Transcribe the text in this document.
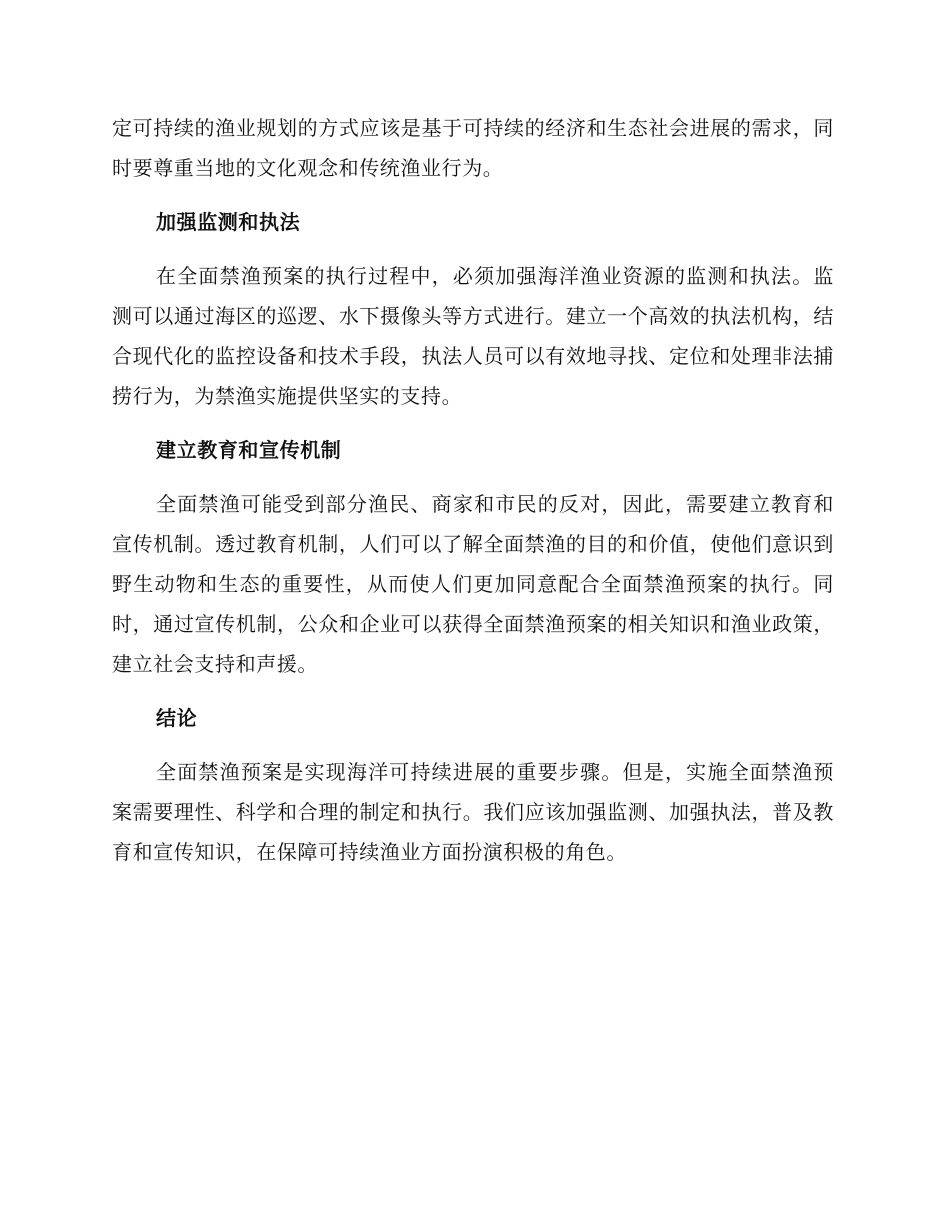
定可持续的渔业规划的方式应该是基于可持续的经济和生态社会进展的需求，同时要尊重当地的文化观念和传统渔业行为。

加强监测和执法

在全面禁渔预案的执行过程中，必须加强海洋渔业资源的监测和执法。监测可以通过海区的巡逻、水下摄像头等方式进行。建立一个高效的执法机构，结合现代化的监控设备和技术手段，执法人员可以有效地寻找、定位和处理非法捕捞行为，为禁渔实施提供坚实的支持。

建立教育和宣传机制

全面禁渔可能受到部分渔民、商家和市民的反对，因此，需要建立教育和宣传机制。透过教育机制，人们可以了解全面禁渔的目的和价值，使他们意识到野生动物和生态的重要性，从而使人们更加同意配合全面禁渔预案的执行。同时，通过宣传机制，公众和企业可以获得全面禁渔预案的相关知识和渔业政策，建立社会支持和声援。

结论

全面禁渔预案是实现海洋可持续进展的重要步骤。但是，实施全面禁渔预案需要理性、科学和合理的制定和执行。我们应该加强监测、加强执法，普及教育和宣传知识，在保障可持续渔业方面扮演积极的角色。
